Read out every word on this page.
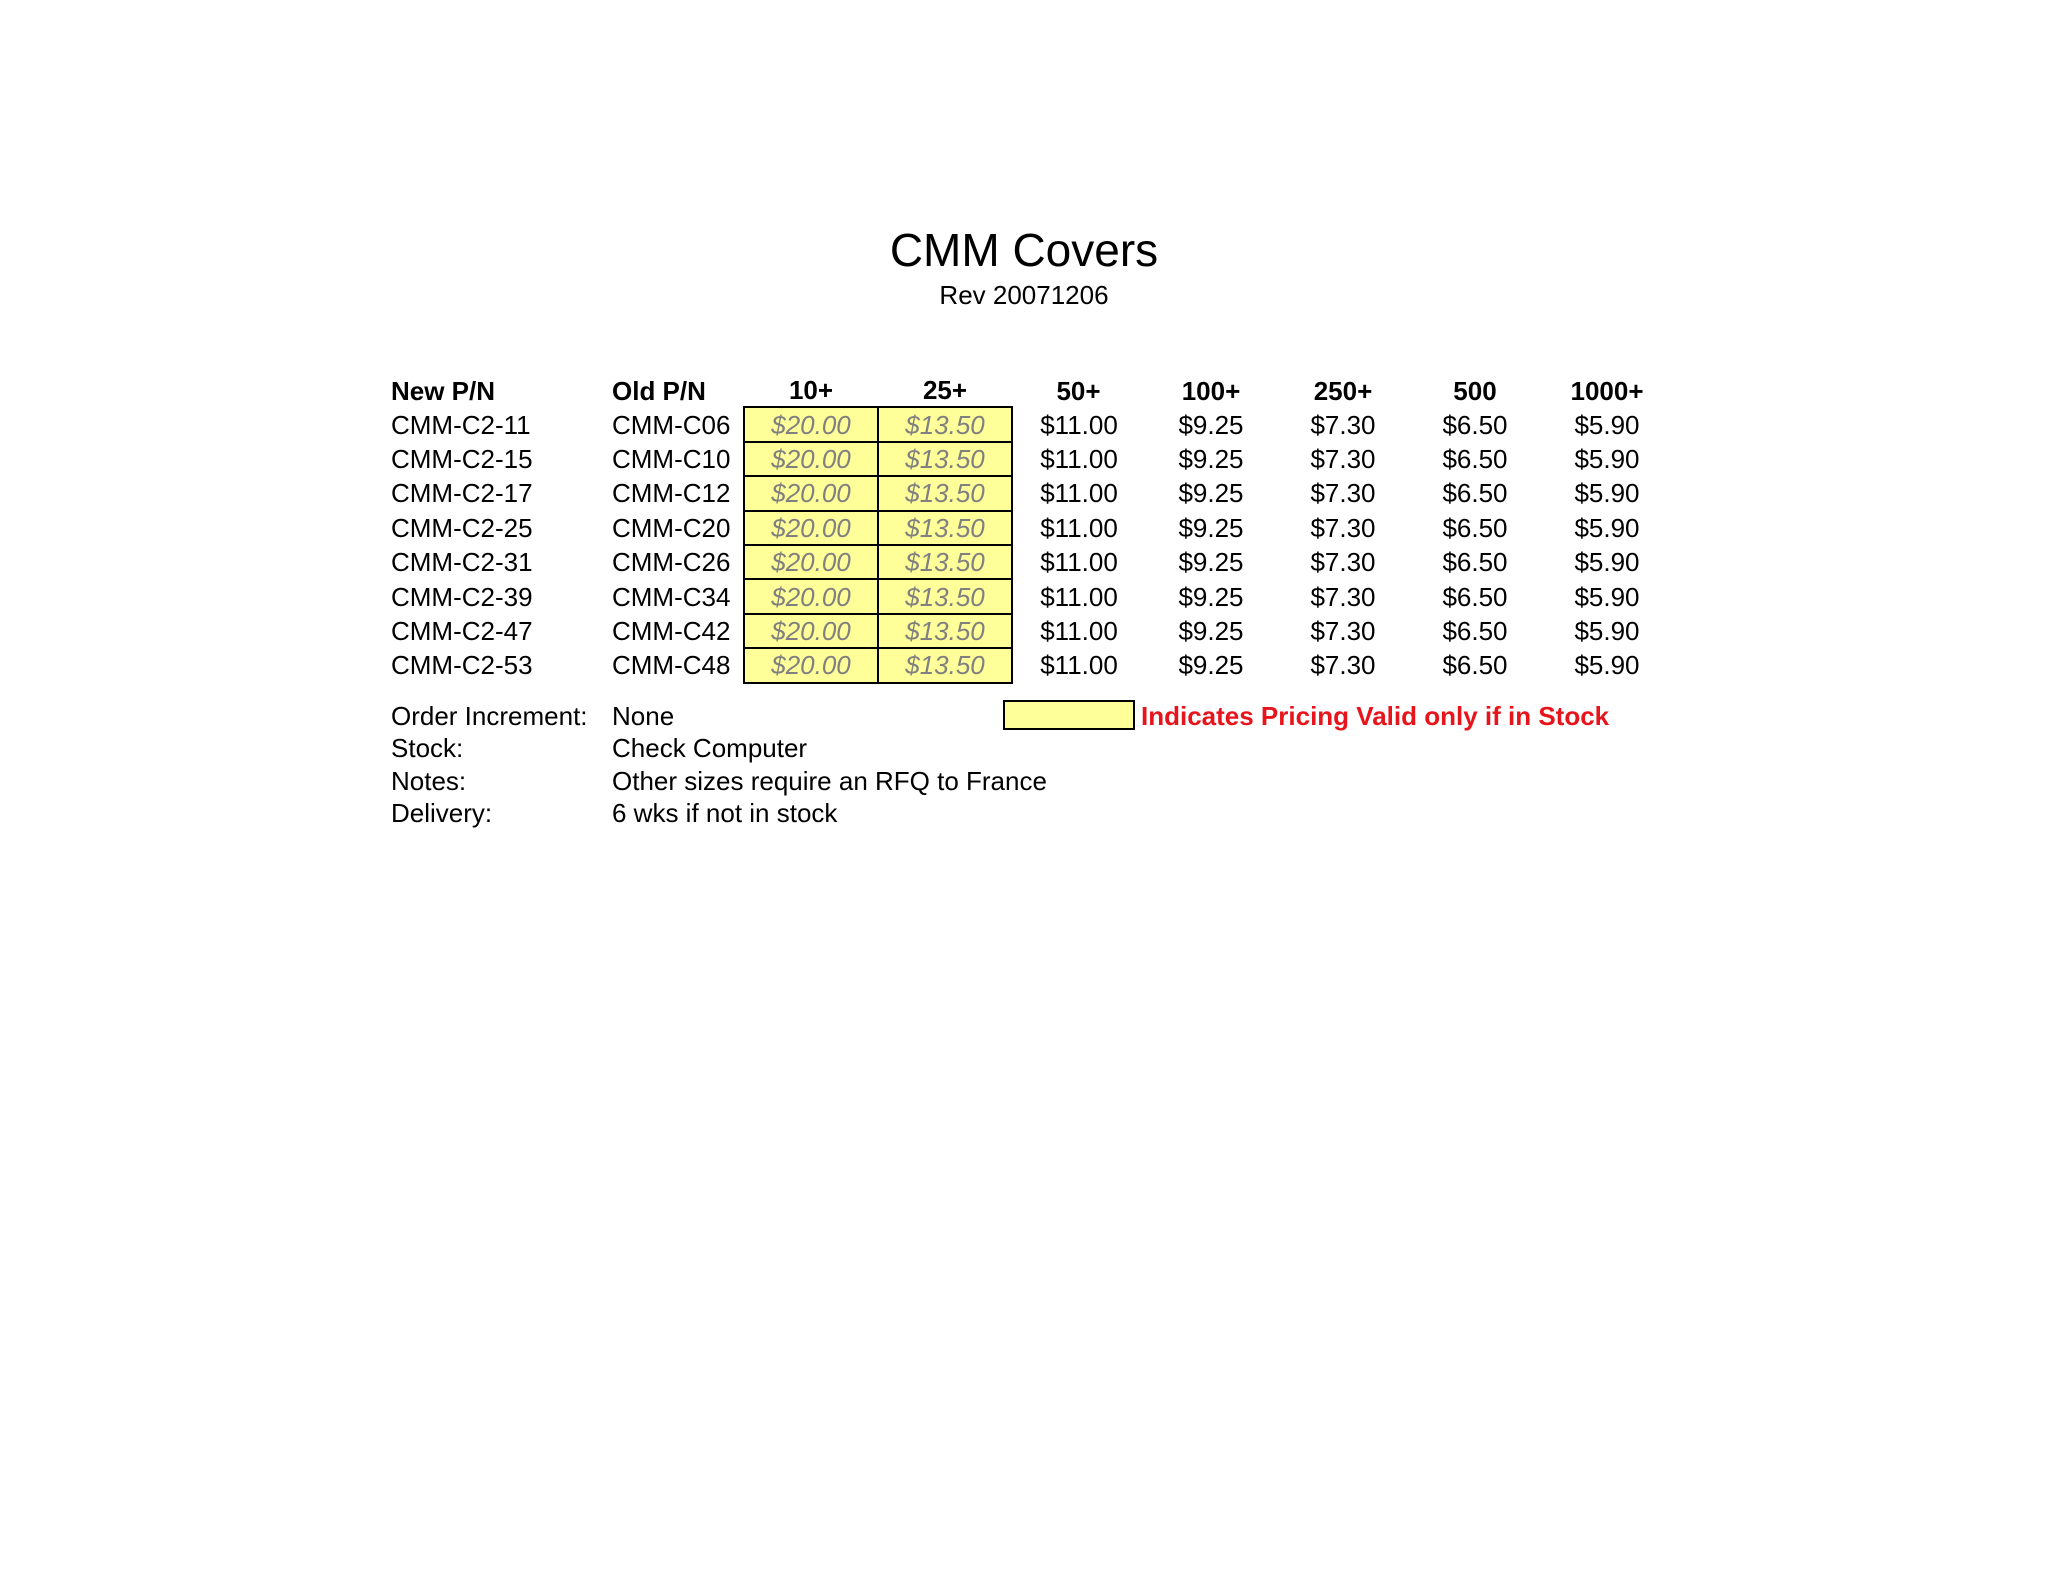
CMM Covers
Rev 20071206
New P/N	Old P/N	10+	25+	50+	100+	250+	500	1000+
CMM-C2-11	CMM-C06	$20.00	$13.50	$11.00	$9.25	$7.30	$6.50	$5.90
CMM-C2-15	CMM-C10	$20.00	$13.50	$11.00	$9.25	$7.30	$6.50	$5.90
CMM-C2-17	CMM-C12	$20.00	$13.50	$11.00	$9.25	$7.30	$6.50	$5.90
CMM-C2-25	CMM-C20	$20.00	$13.50	$11.00	$9.25	$7.30	$6.50	$5.90
CMM-C2-31	CMM-C26	$20.00	$13.50	$11.00	$9.25	$7.30	$6.50	$5.90
CMM-C2-39	CMM-C34	$20.00	$13.50	$11.00	$9.25	$7.30	$6.50	$5.90
CMM-C2-47	CMM-C42	$20.00	$13.50	$11.00	$9.25	$7.30	$6.50	$5.90
CMM-C2-53	CMM-C48	$20.00	$13.50	$11.00	$9.25	$7.30	$6.50	$5.90
Order Increment: None
Stock:	Check Computer
Notes:	Other sizes require an RFQ to France
Delivery:	6 wks if not in stock
Indicates Pricing Valid only if in Stock
